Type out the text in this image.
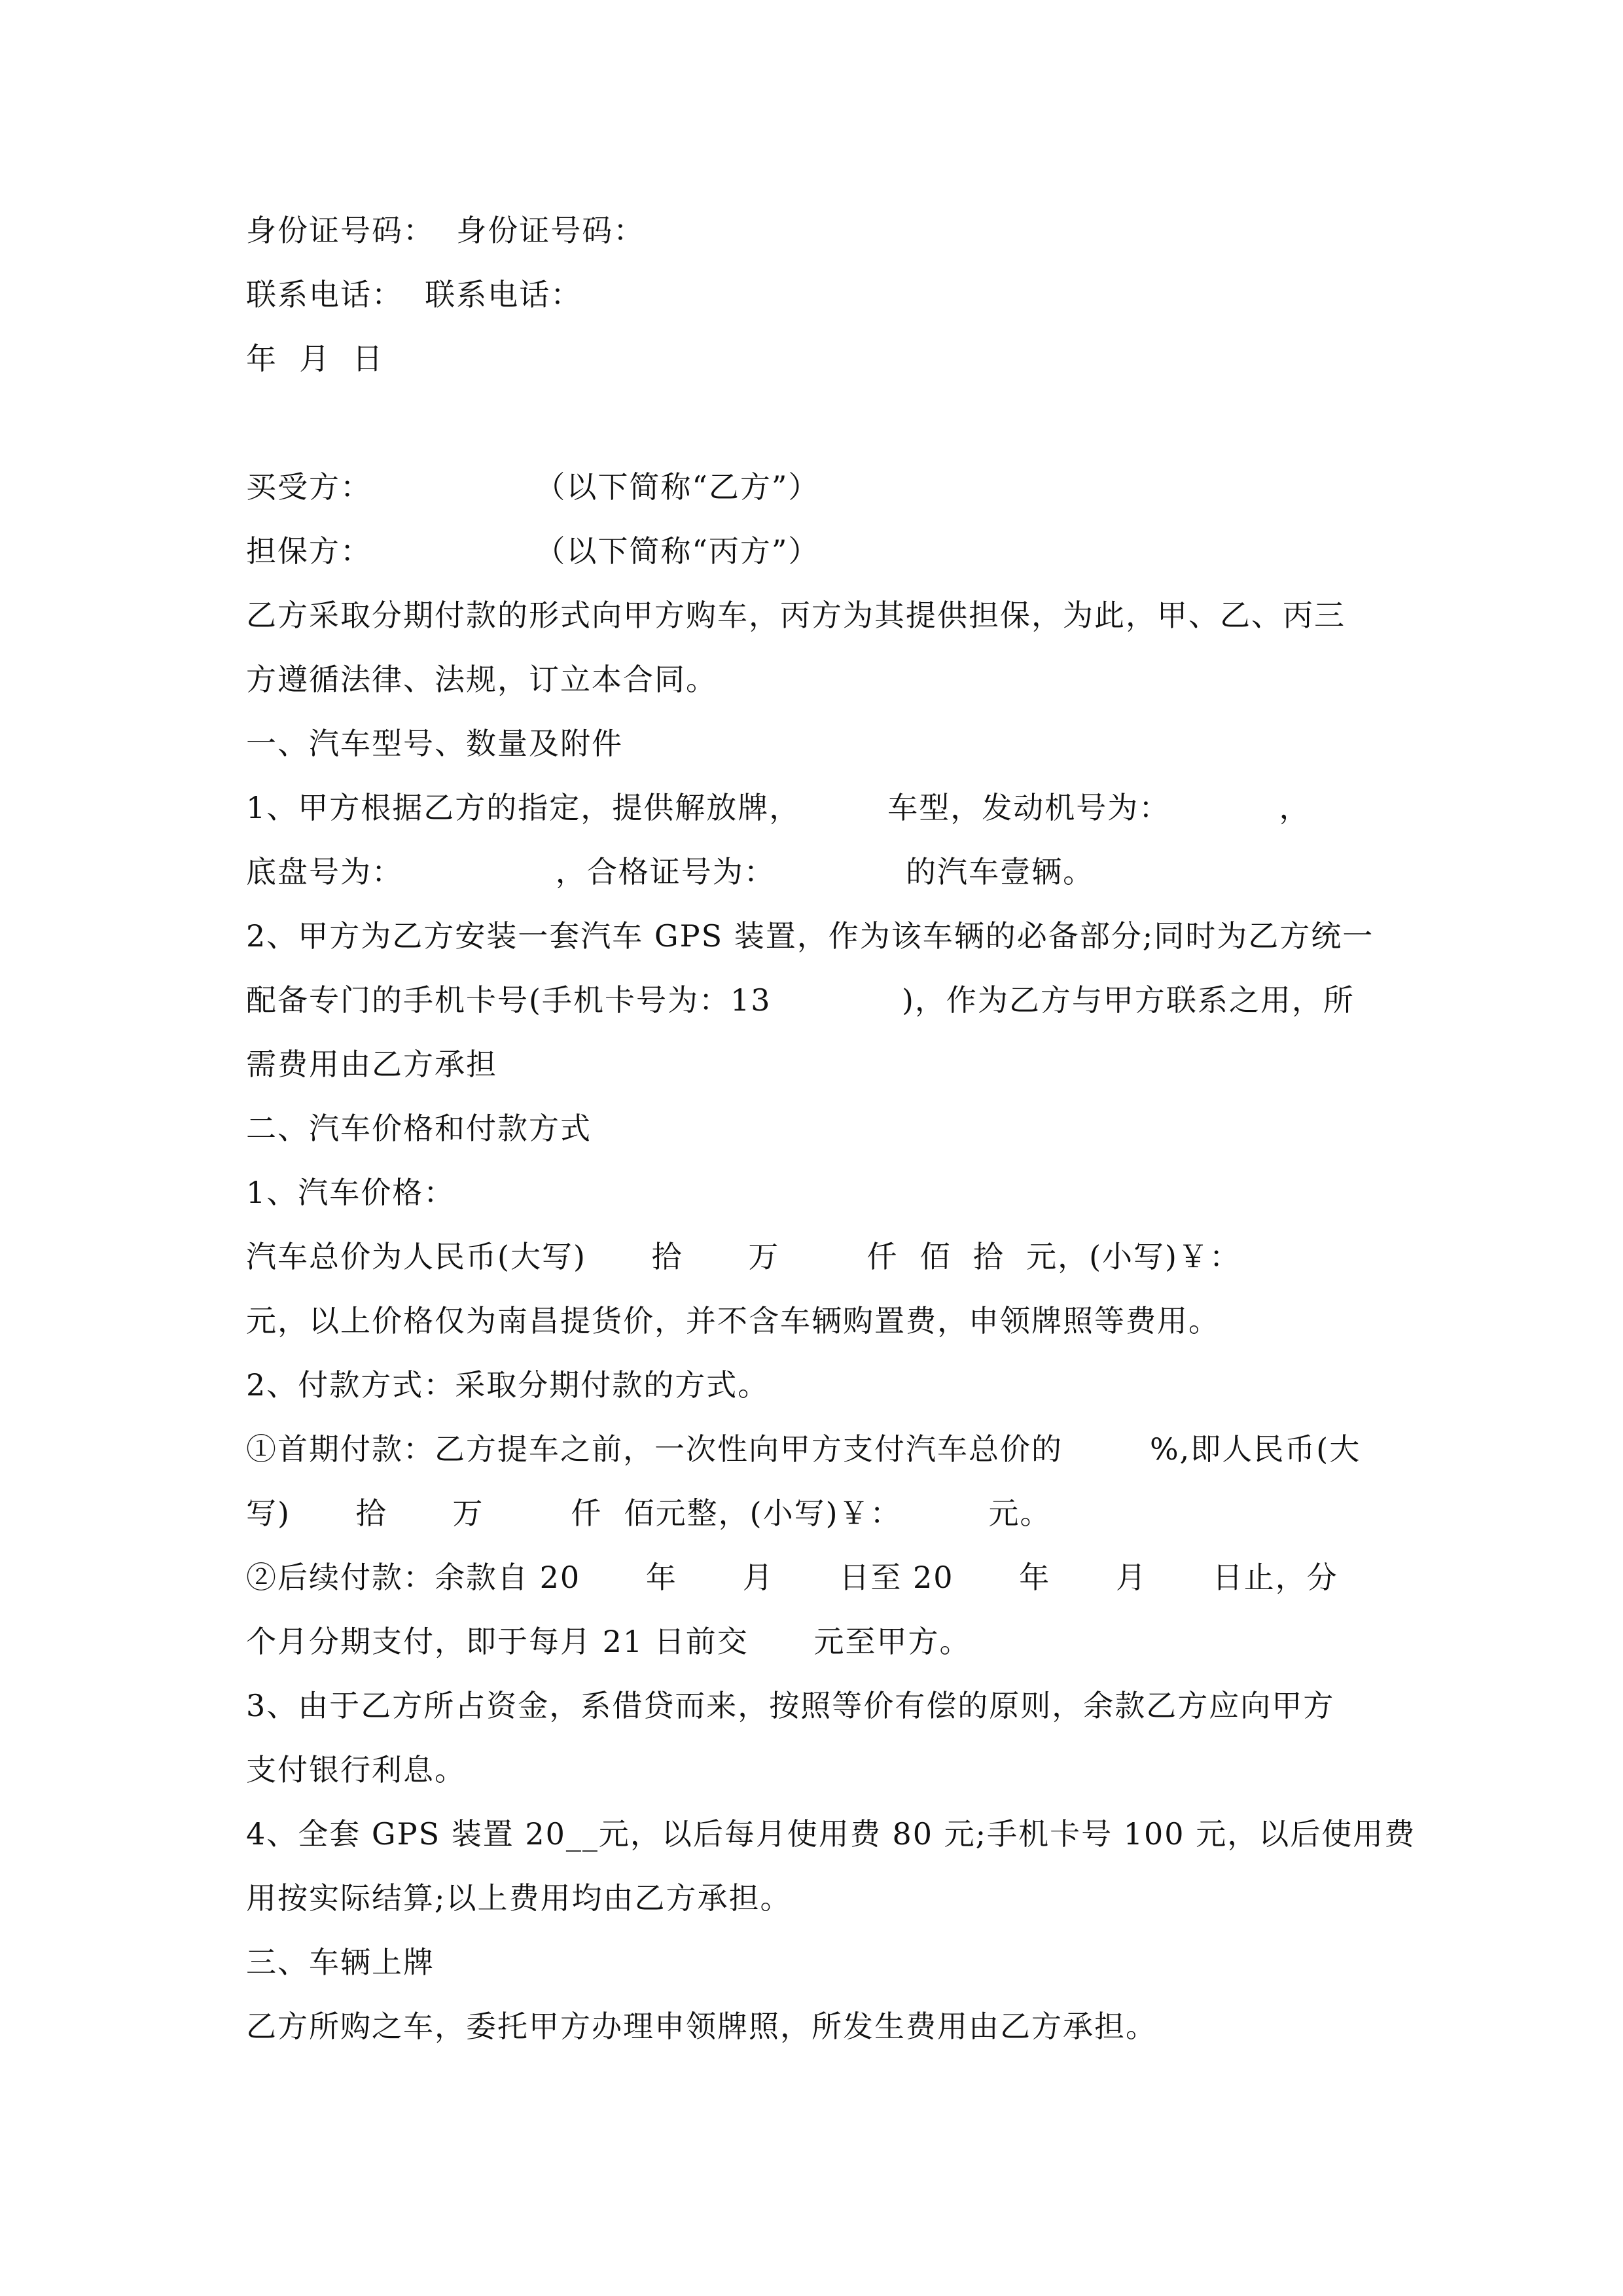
身份证号码：  身份证号码：
联系电话：  联系电话：
年  月  日
买受方：               （以下简称“乙方”）
担保方：               （以下简称“丙方”）
乙方采取分期付款的形式向甲方购车，丙方为其提供担保，为此，甲、乙、丙三
方遵循法律、法规，订立本合同。
一、汽车型号、数量及附件
1、甲方根据乙方的指定，提供解放牌，        车型，发动机号为：          ，
底盘号为：              ，合格证号为：            的汽车壹辆。
2、甲方为乙方安装一套汽车 GPS 装置，作为该车辆的必备部分;同时为乙方统一
配备专门的手机卡号(手机卡号为：13            )，作为乙方与甲方联系之用，所
需费用由乙方承担
二、汽车价格和付款方式
1、汽车价格：
汽车总价为人民币(大写)      拾      万        仟  佰  拾  元，(小写)￥：
元，以上价格仅为南昌提货价，并不含车辆购置费，申领牌照等费用。
2、付款方式：采取分期付款的方式。
①首期付款：乙方提车之前，一次性向甲方支付汽车总价的        %,即人民币(大
写)      拾      万        仟  佰元整，(小写)￥：        元。
②后续付款：余款自 20      年      月      日至 20      年      月      日止，分
个月分期支付，即于每月 21 日前交      元至甲方。
3、由于乙方所占资金，系借贷而来，按照等价有偿的原则，余款乙方应向甲方
支付银行利息。
4、全套 GPS 装置 20__元，以后每月使用费 80 元;手机卡号 100 元，以后使用费
用按实际结算;以上费用均由乙方承担。
三、车辆上牌
乙方所购之车，委托甲方办理申领牌照，所发生费用由乙方承担。
